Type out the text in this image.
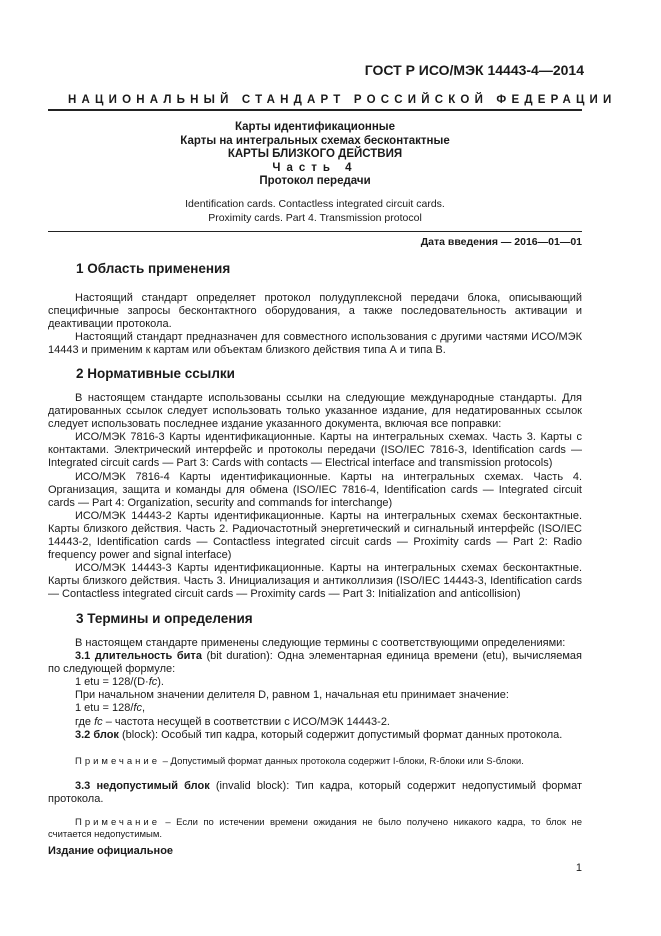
ГОСТ Р ИСО/МЭК 14443-4—2014
НАЦИОНАЛЬНЫЙ СТАНДАРТ РОССИЙСКОЙ ФЕДЕРАЦИИ
Карты идентификационные
Карты на интегральных схемах бесконтактные
КАРТЫ БЛИЗКОГО ДЕЙСТВИЯ
Часть 4
Протокол передачи
Identification cards. Contactless integrated circuit cards.
Proximity cards. Part 4. Transmission protocol
Дата введения — 2016—01—01
1 Область применения

Настоящий стандарт определяет протокол полудуплексной передачи блока, описывающий специфичные запросы бесконтактного оборудования, а также последовательность активации и деактивации протокола.

Настоящий стандарт предназначен для совместного использования с другими частями ИСО/МЭК 14443 и применим к картам или объектам близкого действия типа А и типа В.

2 Нормативные ссылки

В настоящем стандарте использованы ссылки на следующие международные стандарты. Для датированных ссылок следует использовать только указанное издание, для недатированных ссылок следует использовать последнее издание указанного документа, включая все поправки:

ИСО/МЭК 7816-3 Карты идентификационные. Карты на интегральных схемах. Часть 3. Карты с контактами. Электрический интерфейс и протоколы передачи (ISO/IEC 7816-3, Identification cards — Integrated circuit cards — Part 3: Cards with contacts — Electrical interface and transmission protocols)

ИСО/МЭК 7816-4 Карты идентификационные. Карты на интегральных схемах. Часть 4. Организация, защита и команды для обмена (ISO/IEC 7816-4, Identification cards — Integrated circuit cards — Part 4: Organization, security and commands for interchange)

ИСО/МЭК 14443-2 Карты идентификационные. Карты на интегральных схемах бесконтактные. Карты близкого действия. Часть 2. Радиочастотный энергетический и сигнальный интерфейс (ISO/IEC 14443-2, Identification cards — Contactless integrated circuit cards — Proximity cards — Part 2: Radio frequency power and signal interface)

ИСО/МЭК 14443-3 Карты идентификационные. Карты на интегральных схемах бесконтактные. Карты близкого действия. Часть 3. Инициализация и антиколлизия (ISO/IEC 14443-3, Identification cards — Contactless integrated circuit cards — Proximity cards — Part 3: Initialization and anticollision)

3 Термины и определения

В настоящем стандарте применены следующие термины с соответствующими определениями:

3.1 длительность бита (bit duration): Одна элементарная единица времени (etu), вычисляемая по следующей формуле:

1 etu = 128/(D·fc).

При начальном значении делителя D, равном 1, начальная etu принимает значение:

1 etu = 128/fc,

где fc – частота несущей в соответствии с ИСО/МЭК 14443-2.

3.2 блок (block): Особый тип кадра, который содержит допустимый формат данных протокола.

Примечание – Допустимый формат данных протокола содержит I-блоки, R-блоки или S-блоки.

3.3 недопустимый блок (invalid block): Тип кадра, который содержит недопустимый формат протокола.

Примечание – Если по истечении времени ожидания не было получено никакого кадра, то блок не считается недопустимым.
Издание официальное
1
